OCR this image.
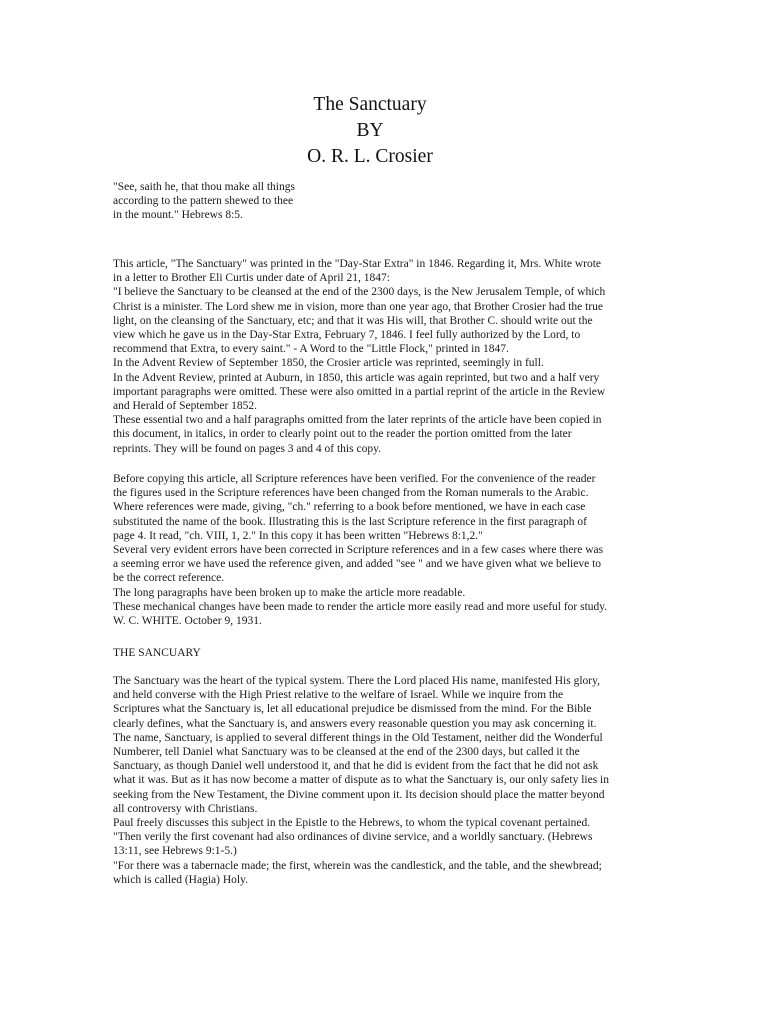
The Sanctuary
BY
O. R. L. Crosier
"See, saith he, that thou make all things
according to the pattern shewed to thee
in the mount." Hebrews 8:5.
This article, "The Sanctuary" was printed in the "Day-Star Extra" in 1846. Regarding it, Mrs. White wrote
in a letter to Brother Eli Curtis under date of April 21, 1847:
"I believe the Sanctuary to be cleansed at the end of the 2300 days, is the New Jerusalem Temple, of which
Christ is a minister. The Lord shew me in vision, more than one year ago, that Brother Crosier had the true
light, on the cleansing of the Sanctuary, etc; and that it was His will, that Brother C. should write out the
view which he gave us in the Day-Star Extra, February 7, 1846. I feel fully authorized by the Lord, to
recommend that Extra, to every saint." - A Word to the "Little Flock," printed in 1847.
In the Advent Review of September 1850, the Crosier article was reprinted, seemingly in full.
In the Advent Review, printed at Auburn, in 1850, this article was again reprinted, but two and a half very
important paragraphs were omitted. These were also omitted in a partial reprint of the article in the Review
and Herald of September 1852.
These essential two and a half paragraphs omitted from the later reprints of the article have been copied in
this document, in italics, in order to clearly point out to the reader the portion omitted from the later
reprints. They will be found on pages 3 and 4 of this copy.
Before copying this article, all Scripture references have been verified. For the convenience of the reader
the figures used in the Scripture references have been changed from the Roman numerals to the Arabic.
Where references were made, giving, "ch." referring to a book before mentioned, we have in each case
substituted the name of the book. Illustrating this is the last Scripture reference in the first paragraph of
page 4. It read, "ch. VIII, 1, 2." In this copy it has been written "Hebrews 8:1,2."
Several very evident errors have been corrected in Scripture references and in a few cases where there was
a seeming error we have used the reference given, and added "see " and we have given what we believe to
be the correct reference.
The long paragraphs have been broken up to make the article more readable.
These mechanical changes have been made to render the article more easily read and more useful for study.
W. C. WHITE. October 9, 1931.
THE SANCUARY
The Sanctuary was the heart of the typical system. There the Lord placed His name, manifested His glory,
and held converse with the High Priest relative to the welfare of Israel. While we inquire from the
Scriptures what the Sanctuary is, let all educational prejudice be dismissed from the mind. For the Bible
clearly defines, what the Sanctuary is, and answers every reasonable question you may ask concerning it.
The name, Sanctuary, is applied to several different things in the Old Testament, neither did the Wonderful
Numberer, tell Daniel what Sanctuary was to be cleansed at the end of the 2300 days, but called it the
Sanctuary, as though Daniel well understood it, and that he did is evident from the fact that he did not ask
what it was. But as it has now become a matter of dispute as to what the Sanctuary is, our only safety lies in
seeking from the New Testament, the Divine comment upon it. Its decision should place the matter beyond
all controversy with Christians.
Paul freely discusses this subject in the Epistle to the Hebrews, to whom the typical covenant pertained.
"Then verily the first covenant had also ordinances of divine service, and a worldly sanctuary. (Hebrews
13:11, see Hebrews 9:1-5.)
"For there was a tabernacle made; the first, wherein was the candlestick, and the table, and the shewbread;
which is called (Hagia) Holy.
